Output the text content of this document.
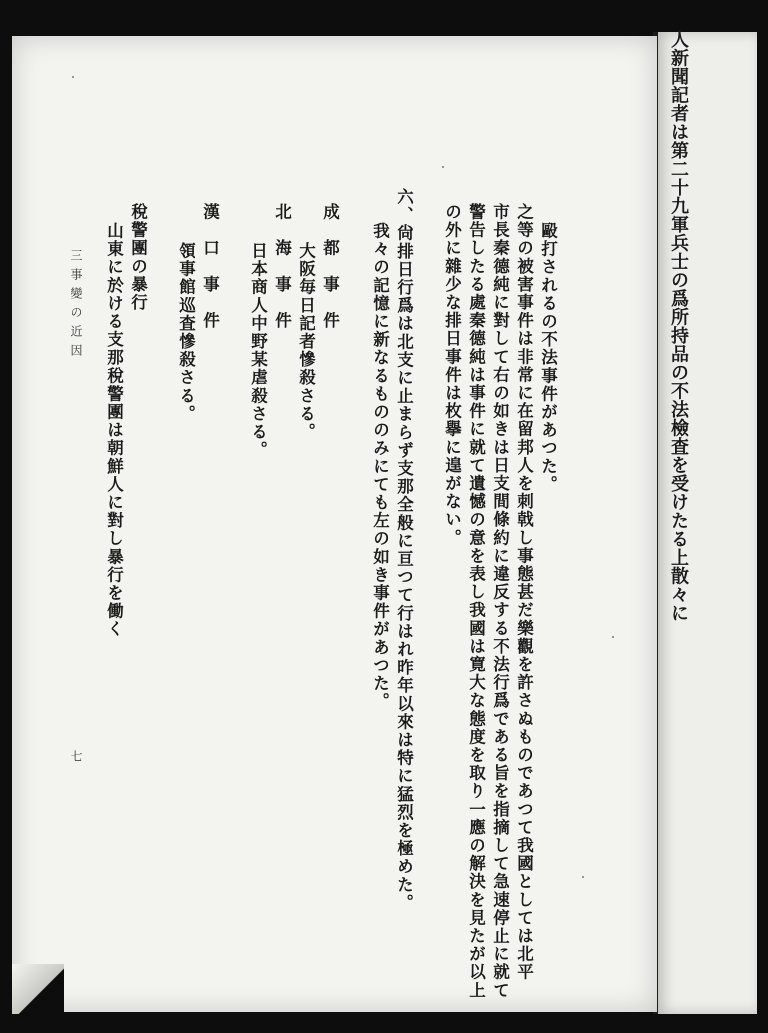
人新聞記者は第二十九軍兵士の爲所持品の不法檢査を受けたる上散々に
毆打されるの不法事件があつた。
之等の被害事件は非常に在留邦人を刺戟し事態甚だ樂觀を許さぬものであつて我國としては北平
市長秦德純に對して右の如きは日支間條約に違反する不法行爲である旨を指摘して急速停止に就て
警告したる處秦德純は事件に就て遺憾の意を表し我國は寛大な態度を取り一應の解決を見たが以上
の外に雜少な排日事件は枚擧に遑がない。
六、尙排日行爲は北支に止まらず支那全般に亘つて行はれ昨年以來は特に猛烈を極めた。
我々の記憶に新なるもののみにても左の如き事件があつた。
成　都　事　件
大阪毎日記者慘殺さる。
北　海　事　件
日本商人中野某虐殺さる。
漢　口　事　件
領事館巡査慘殺さる。
稅警團の暴行
山東に於ける支那稅警團は朝鮮人に對し暴行を働く
三事變の近因
七
